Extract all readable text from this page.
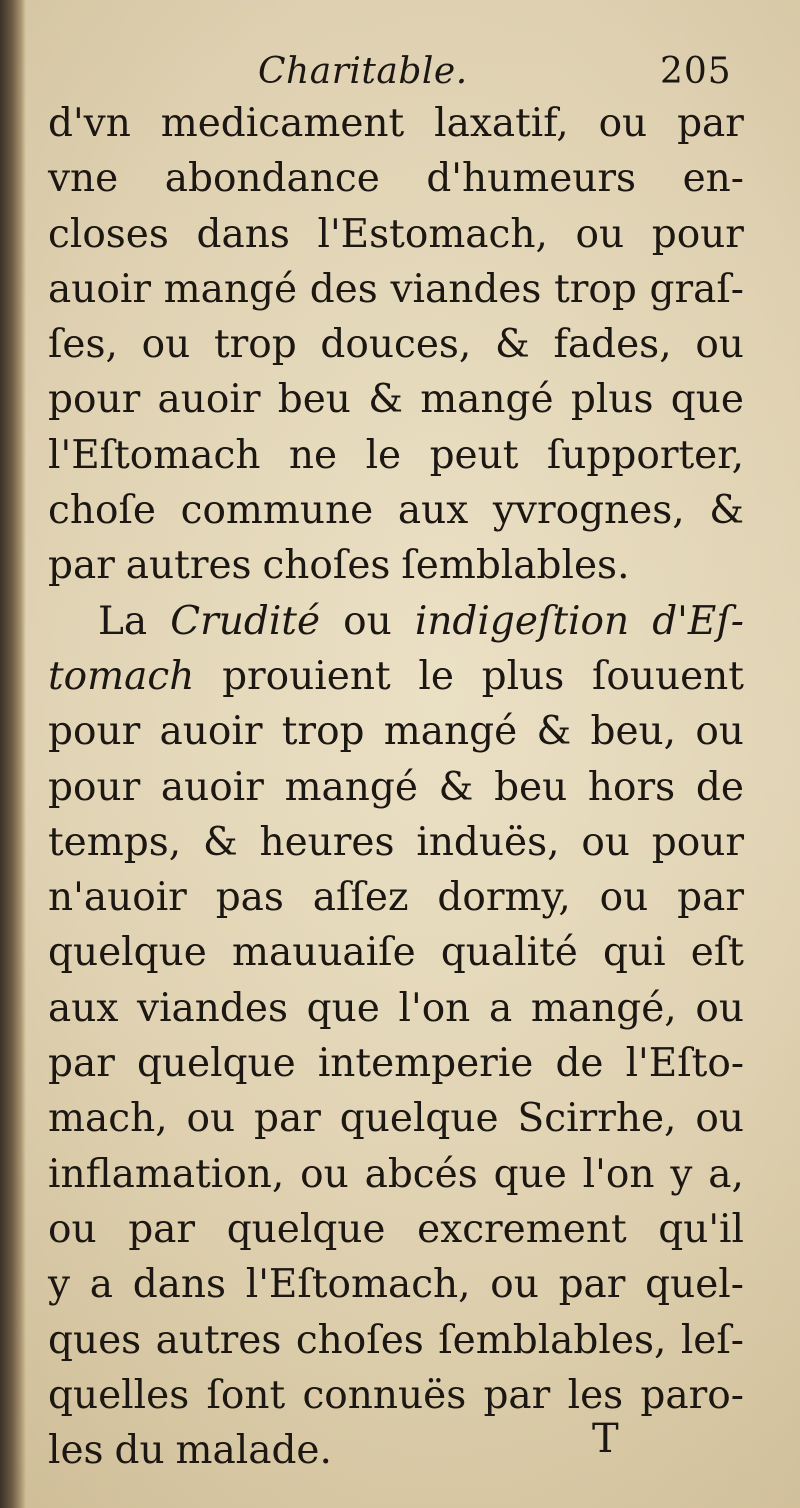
Charitable.	205
d'vn medicament laxatif, ou par
vne abondance d'humeurs en-
closes dans l'Estomach, ou pour
auoir mangé des viandes trop graſ-
ſes, ou trop douces, & fades, ou
pour auoir beu & mangé plus que
l'Eſtomach ne le peut ſupporter,
choſe commune aux yvrognes, &
par autres choſes ſemblables.
La Crudité ou indigeſtion d'Eſ-
tomach prouient le plus ſouuent
pour auoir trop mangé & beu, ou
pour auoir mangé & beu hors de
temps, & heures induës, ou pour
n'auoir pas aſſez dormy, ou par
quelque mauuaiſe qualité qui eſt
aux viandes que l'on a mangé, ou
par quelque intemperie de l'Eſto-
mach, ou par quelque Scirrhe, ou
inflamation, ou abcés que l'on y a,
ou par quelque excrement qu'il
y a dans l'Eſtomach, ou par quel-
ques autres choſes ſemblables, leſ-
quelles ſont connuës par les paro-
les du malade.	T
